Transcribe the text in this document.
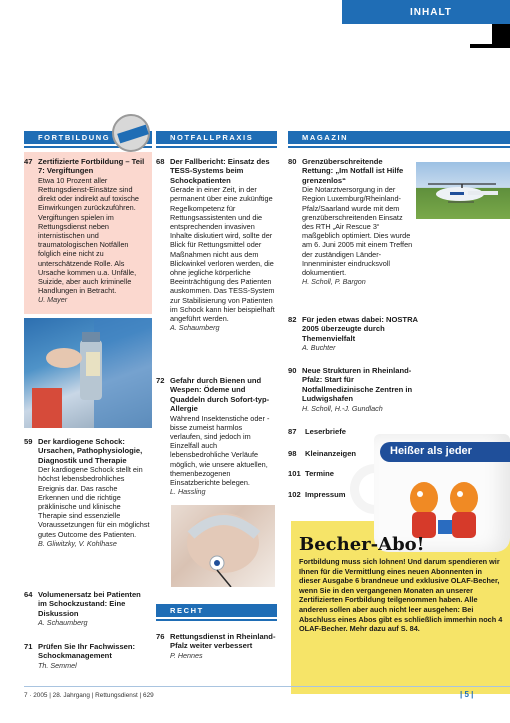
INHALT
FORTBILDUNG	NOTFALLPRAXIS	MAGAZIN
47 Zertifizierte Fortbildung – Teil 7: Vergiftungen
Etwa 10 Prozent aller Rettungsdienst-Einsätze sind direkt oder indirekt auf toxische Einwirkungen zurückzuführen. Vergiftungen spielen im Rettungsdienst neben internistischen und traumatologischen Notfällen folglich eine nicht zu unterschätzende Rolle. Als Ursache kommen u.a. Unfälle, Suizide, aber auch kriminelle Handlungen in Betracht.
U. Mayer
59 Der kardiogene Schock: Ursachen, Pathophysiologie, Diagnostik und Therapie
Der kardiogene Schock stellt ein höchst lebensbedrohliches Ereignis dar. Das rasche Erkennen und die richtige präklinische und klinische Therapie sind essenzielle Voraussetzungen für ein möglichst gutes Outcome des Patienten.
B. Gliwitzky, V. Kohlhase
64 Volumenersatz bei Patienten im Schockzustand: Eine Diskussion
A. Schaumberg
71 Prüfen Sie Ihr Fachwissen: Schockmanagement
Th. Semmel
68 Der Fallbericht: Einsatz des TESS-Systems beim Schockpatienten
Gerade in einer Zeit, in der permanent über eine zukünftige Regelkompetenz für Rettungsassistenten und die entsprechenden invasiven Inhalte diskutiert wird, sollte der Blick für Rettungsmittel oder Maßnahmen nicht aus dem Blickwinkel verloren werden, die ohne jegliche körperliche Beeinträchtigung des Patienten auskommen. Das TESS-System zur Stabilisierung von Patienten im Schock kann hier beispielhaft angeführt werden.
A. Schaumberg
72 Gefahr durch Bienen und Wespen: Ödeme und Quaddeln durch Sofort-typ-Allergie
Während Insektenstiche oder -bisse zumeist harmlos verlaufen, sind jedoch im Einzelfall auch lebensbedrohliche Verläufe möglich, wie unsere aktuellen, themenbezogenen Einsatzberichte belegen.
L. Hassling
RECHT
76 Rettungsdienst in Rheinland-Pfalz weiter verbessert
P. Hennes
80 Grenzüberschreitende Rettung: „Im Notfall ist Hilfe grenzenlos“
Die Notarztversorgung in der Region Luxemburg/Rheinland-Pfalz/Saarland wurde mit dem grenzüberschreitenden Einsatz des RTH „Air Rescue 3“ maßgeblich optimiert. Dies wurde am 6. Juni 2005 mit einem Treffen der zuständigen Länder-Innenminister eindrucksvoll dokumentiert.
H. Scholl, P. Bargon
82 Für jeden etwas dabei: NOSTRA 2005 überzeugte durch Themenvielfalt
A. Buchter
90 Neue Strukturen in Rheinland-Pfalz: Start für Notfallmedizinische Zentren in Ludwigshafen
H. Scholl, H.-J. Gundlach
87 Leserbriefe
98 Kleinanzeigen
101 Termine
102 Impressum
Heißer als jeder
Becher-Abo!
Fortbildung muss sich lohnen! Und darum spendieren wir Ihnen für die Vermittlung eines neuen Abonnenten in dieser Ausgabe 6 brandneue und exklusive OLAF-Becher, wenn Sie in den vergangenen Monaten an unserer Zertifizierten Fortbildung teilgenommen haben. Alle anderen sollen aber auch nicht leer ausgehen: Bei Abschluss eines Abos gibt es schließlich immerhin noch 4 OLAF-Becher. Mehr dazu auf S. 84.
7 · 2005 | 28. Jahrgang | Rettungsdienst | 629	| 5 |
